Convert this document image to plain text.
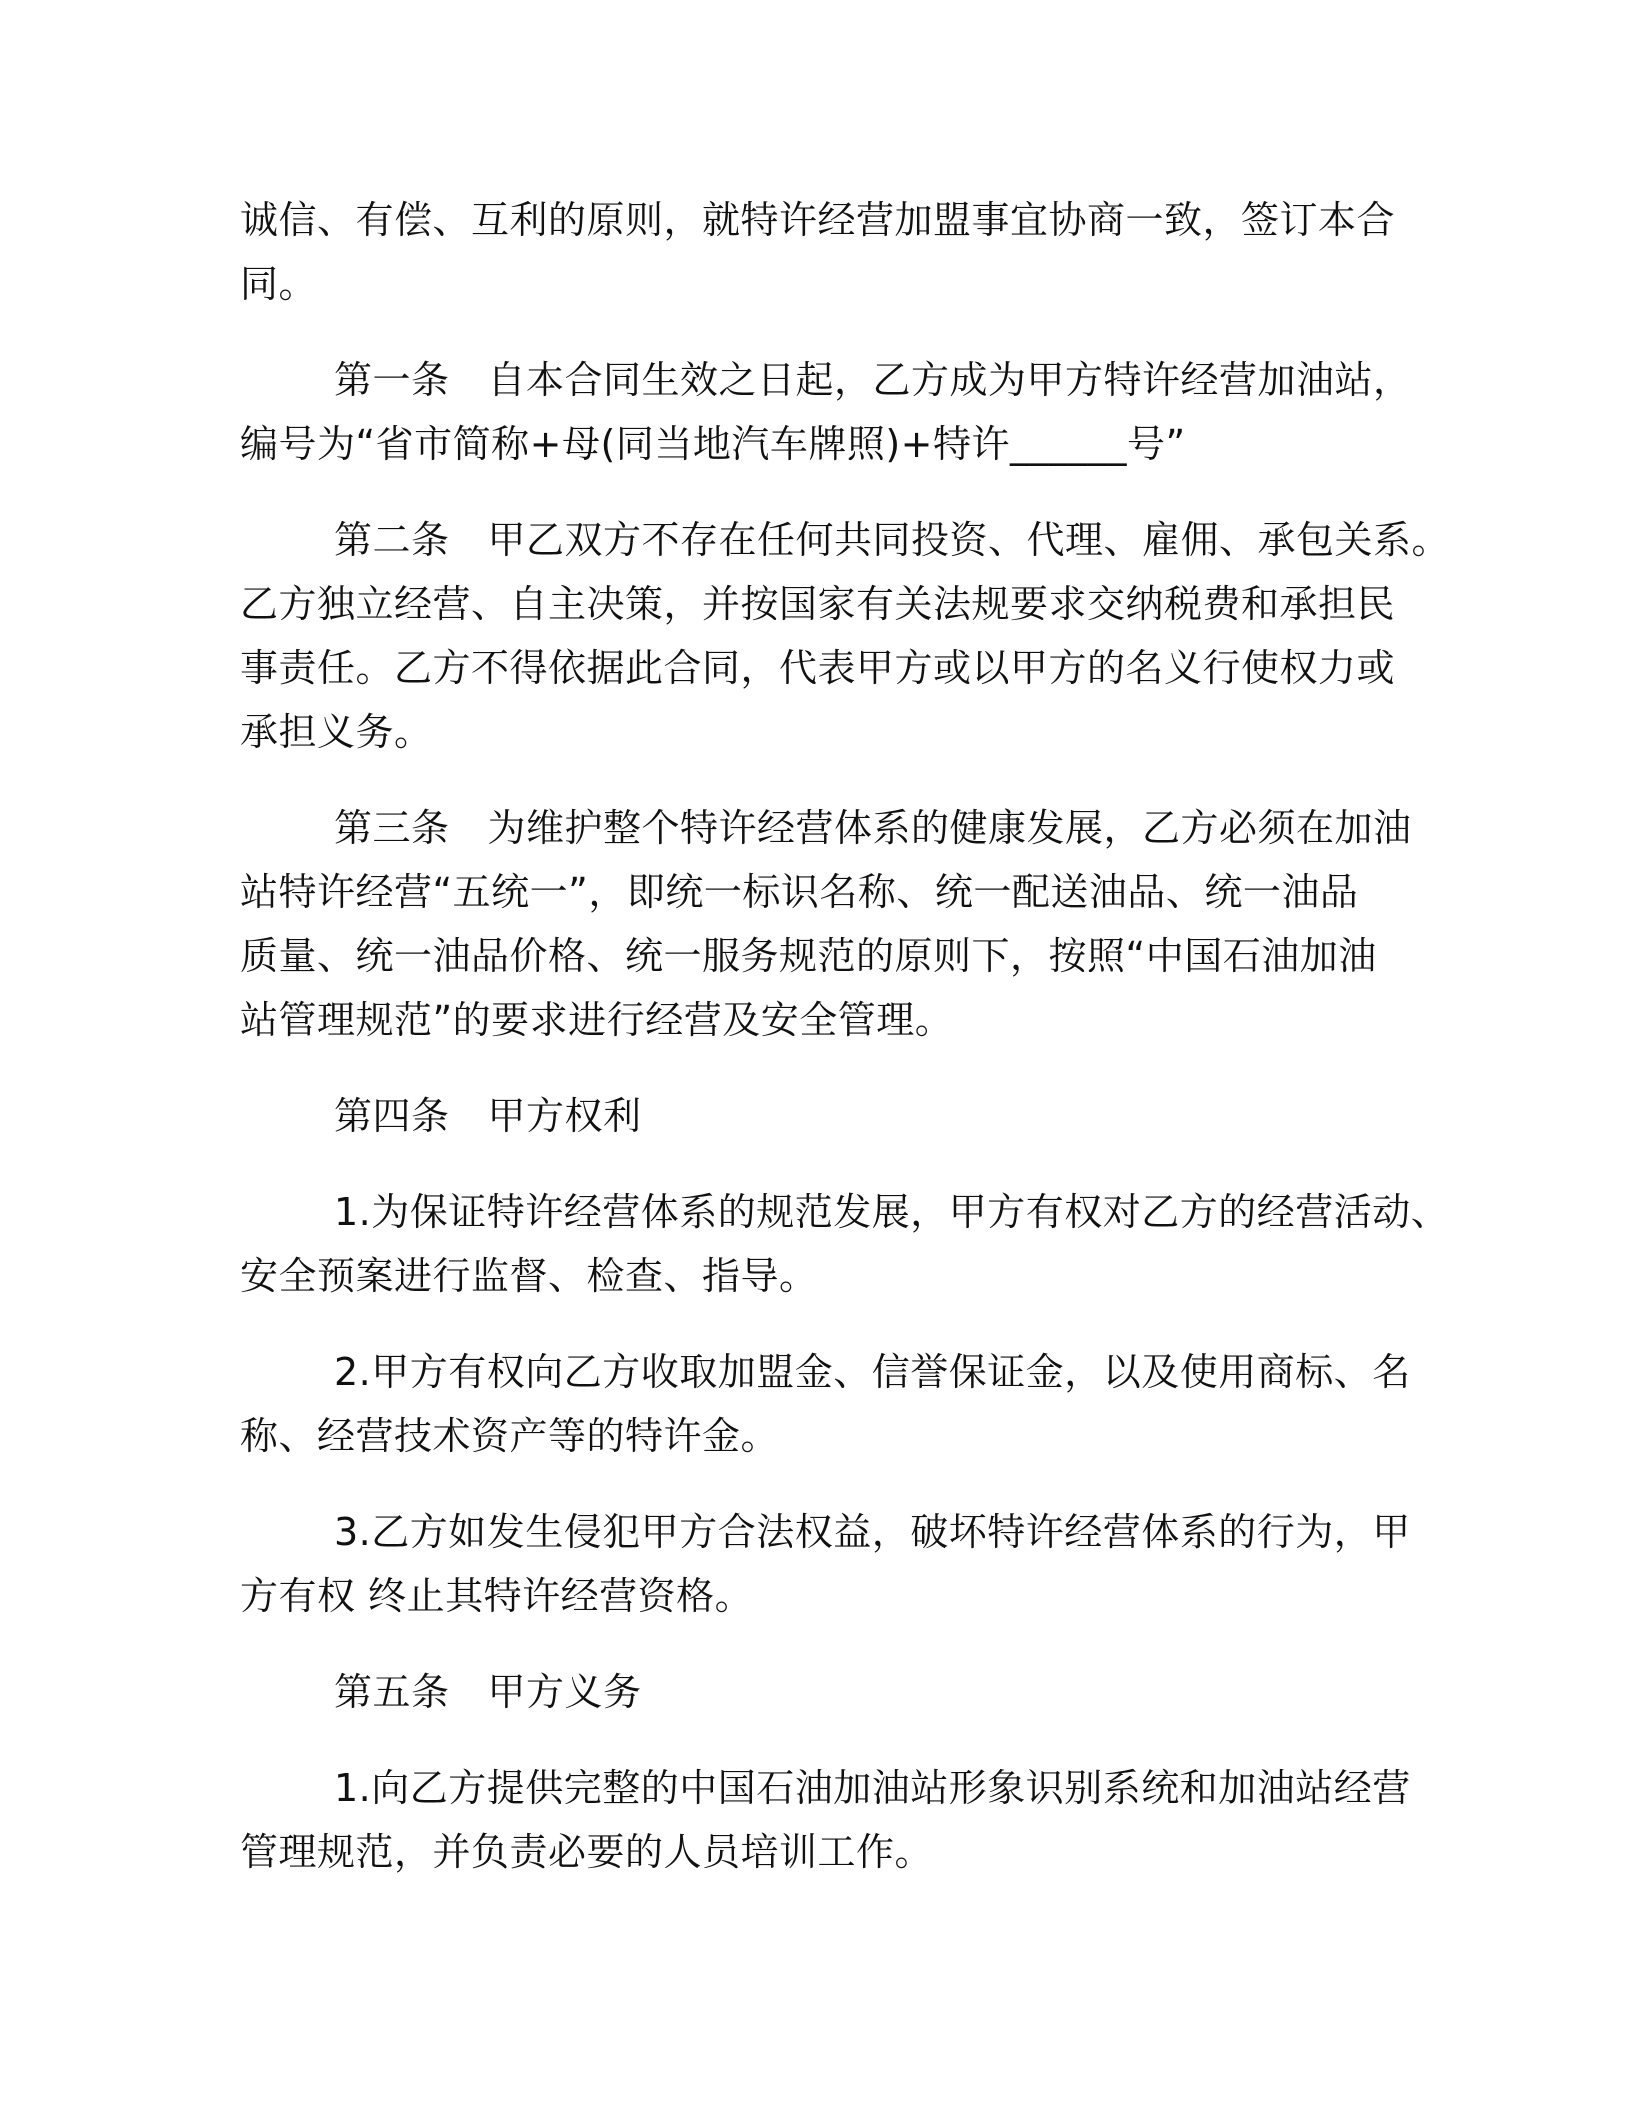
诚信、有偿、互利的原则，就特许经营加盟事宜协商一致，签订本合
同。
第一条 自本合同生效之日起，乙方成为甲方特许经营加油站，
编号为“省市简称+母(同当地汽车牌照)+特许______号”
第二条 甲乙双方不存在任何共同投资、代理、雇佣、承包关系。
乙方独立经营、自主决策，并按国家有关法规要求交纳税费和承担民
事责任。乙方不得依据此合同，代表甲方或以甲方的名义行使权力或
承担义务。
第三条 为维护整个特许经营体系的健康发展，乙方必须在加油
站特许经营“五统一”，即统一标识名称、统一配送油品、统一油品
质量、统一油品价格、统一服务规范的原则下，按照“中国石油加油
站管理规范”的要求进行经营及安全管理。
第四条 甲方权利
1.为保证特许经营体系的规范发展，甲方有权对乙方的经营活动、
安全预案进行监督、检查、指导。
2.甲方有权向乙方收取加盟金、信誉保证金，以及使用商标、名
称、经营技术资产等的特许金。
3.乙方如发生侵犯甲方合法权益，破坏特许经营体系的行为，甲
方有权 终止其特许经营资格。
第五条 甲方义务
1.向乙方提供完整的中国石油加油站形象识别系统和加油站经营
管理规范，并负责必要的人员培训工作。
